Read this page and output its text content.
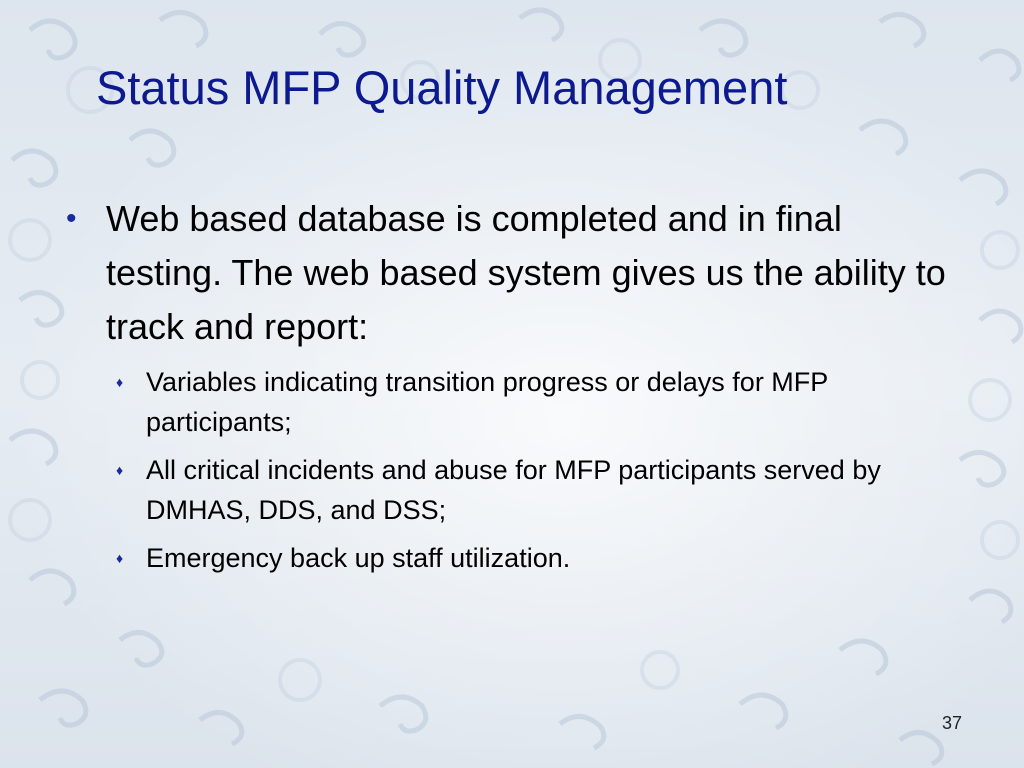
Status MFP Quality Management
• Web based database is completed and in final testing. The web based system gives us the ability to track and report:
♦ Variables indicating transition progress or delays for MFP participants;
♦ All critical incidents and abuse for MFP participants served by DMHAS, DDS, and DSS;
♦ Emergency back up staff utilization.
37
